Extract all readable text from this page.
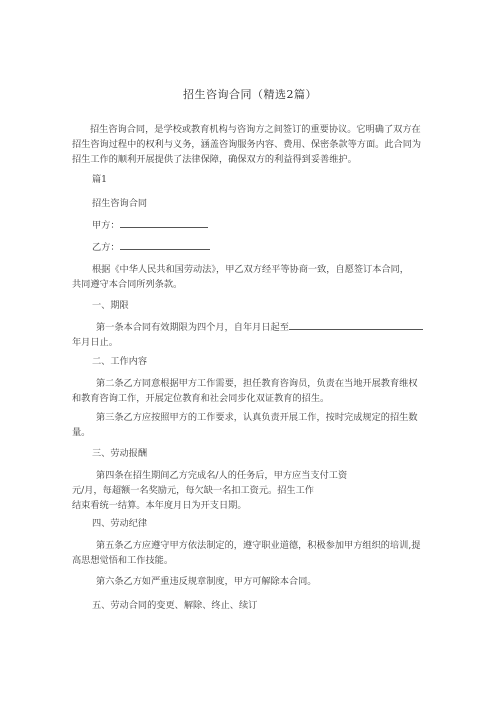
招生咨询合同（精选2篇）
招生咨询合同，是学校或教育机构与咨询方之间签订的重要协议。它明确了双方在
招生咨询过程中的权利与义务，涵盖咨询服务内容、费用、保密条款等方面。此合同为
招生工作的顺利开展提供了法律保障，确保双方的利益得到妥善维护。
篇1
招生咨询合同
甲方：
乙方：
根据《中华人民共和国劳动法》，甲乙双方经平等协商一致，自愿签订本合同，
共同遵守本合同所列条款。
一、期限
第一条本合同有效期限为四个月，自年月日起至
年月日止。
二、工作内容
第二条乙方同意根据甲方工作需要，担任教育咨询员，负责在当地开展教育维权
和教育咨询工作，开展定位教育和社会同步化双证教育的招生。
第三条乙方应按照甲方的工作要求，认真负责开展工作，按时完成规定的招生数
量。
三、劳动报酬
第四条在招生期间乙方完成名/人的任务后，甲方应当支付工资
元/月，每超额一名奖励元，每欠缺一名扣工资元。招生工作
结束看统一结算。本年度月日为开支日期。
四、劳动纪律
第五条乙方应遵守甲方依法制定的，遵守职业道德，积极参加甲方组织的培训,提
高思想觉悟和工作技能。
第六条乙方如严重违反规章制度，甲方可解除本合同。
五、劳动合同的变更、解除、终止、续订
